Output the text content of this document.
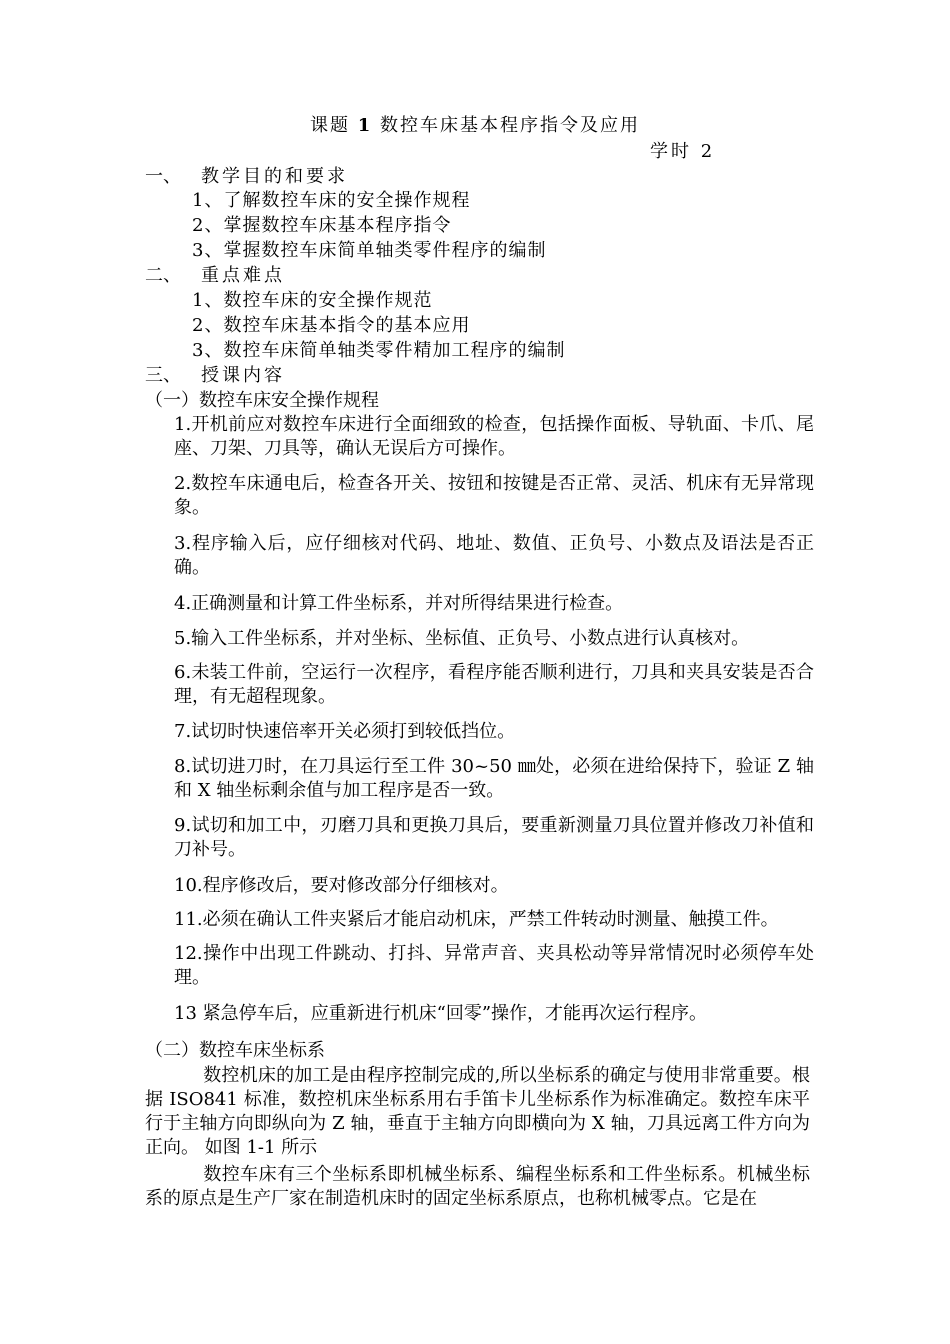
课题 1 数控车床基本程序指令及应用
学时 2
一、 教学目的和要求
1、了解数控车床的安全操作规程
2、掌握数控车床基本程序指令
3、掌握数控车床简单轴类零件程序的编制
二、 重点难点
1、数控车床的安全操作规范
2、数控车床基本指令的基本应用
3、数控车床简单轴类零件精加工程序的编制
三、 授课内容
（一）数控车床安全操作规程
1.开机前应对数控车床进行全面细致的检查，包括操作面板、导轨面、卡爪、尾座、刀架、刀具等，确认无误后方可操作。
2.数控车床通电后，检查各开关、按钮和按键是否正常、灵活、机床有无异常现象。
3.程序输入后，应仔细核对代码、地址、数值、正负号、小数点及语法是否正确。
4.正确测量和计算工件坐标系，并对所得结果进行检查。
5.输入工件坐标系，并对坐标、坐标值、正负号、小数点进行认真核对。
6.未装工件前，空运行一次程序，看程序能否顺利进行，刀具和夹具安装是否合理，有无超程现象。
7.试切时快速倍率开关必须打到较低挡位。
8.试切进刀时，在刀具运行至工件 30~50 ㎜处，必须在进给保持下，验证 Z 轴和 X 轴坐标剩余值与加工程序是否一致。
9.试切和加工中，刃磨刀具和更换刀具后，要重新测量刀具位置并修改刀补值和刀补号。
10.程序修改后，要对修改部分仔细核对。
11.必须在确认工件夹紧后才能启动机床，严禁工件转动时测量、触摸工件。
12.操作中出现工件跳动、打抖、异常声音、夹具松动等异常情况时必须停车处理。
13 紧急停车后，应重新进行机床“回零”操作，才能再次运行程序。
（二）数控车床坐标系
数控机床的加工是由程序控制完成的,所以坐标系的确定与使用非常重要。根据 ISO841 标准，数控机床坐标系用右手笛卡儿坐标系作为标准确定。数控车床平行于主轴方向即纵向为 Z 轴，垂直于主轴方向即横向为 X 轴，刀具远离工件方向为正向。 如图 1-1 所示
数控车床有三个坐标系即机械坐标系、编程坐标系和工件坐标系。机械坐标系的原点是生产厂家在制造机床时的固定坐标系原点，也称机械零点。它是在
